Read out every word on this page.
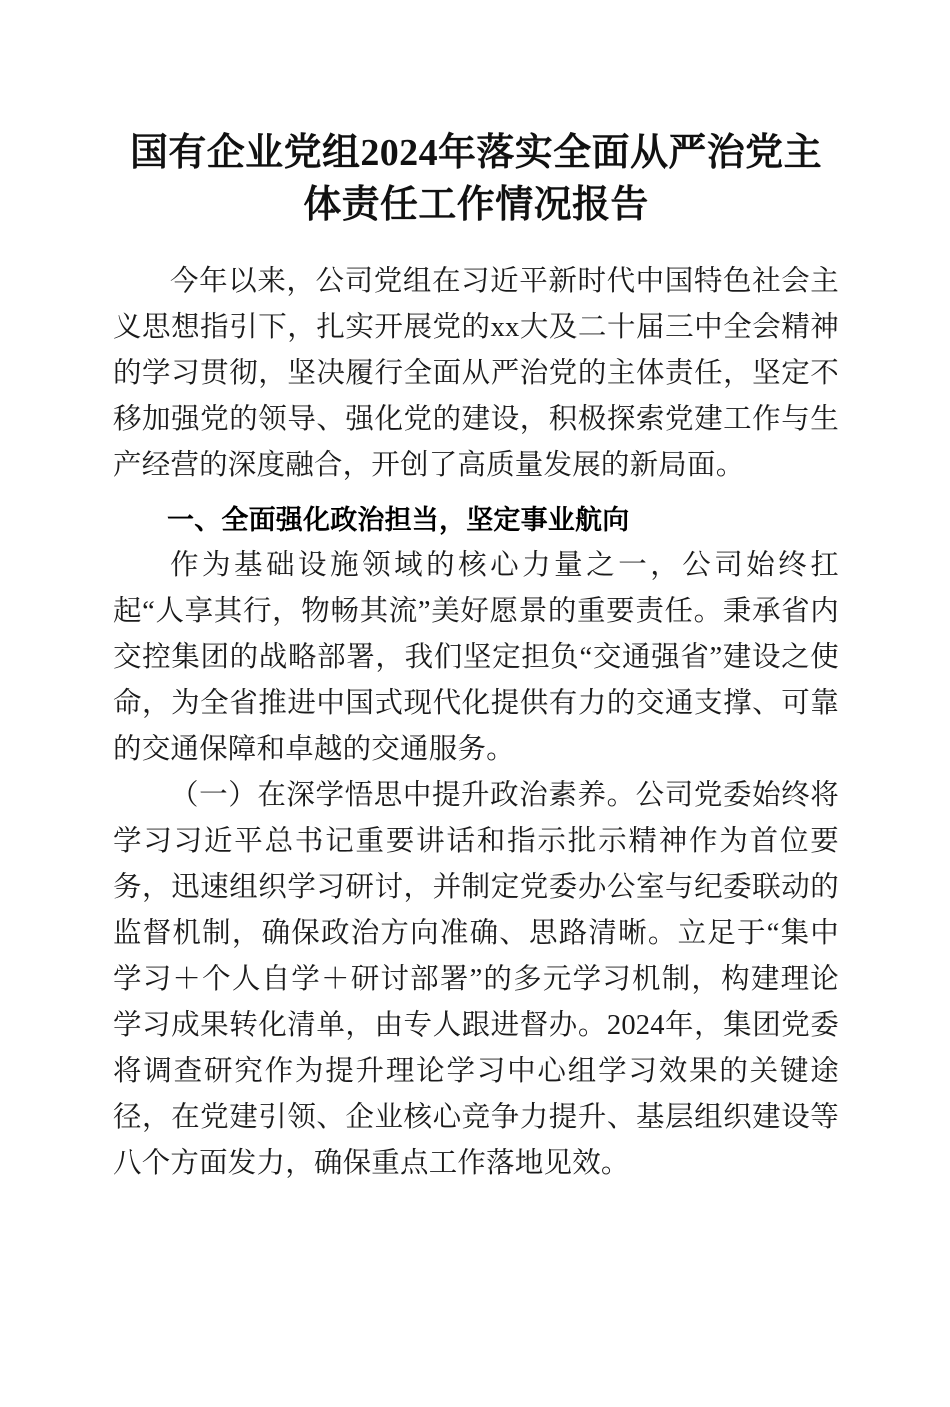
国有企业党组2024年落实全面从严治党主体责任工作情况报告

今年以来，公司党组在习近平新时代中国特色社会主义思想指引下，扎实开展党的xx大及二十届三中全会精神的学习贯彻，坚决履行全面从严治党的主体责任，坚定不移加强党的领导、强化党的建设，积极探索党建工作与生产经营的深度融合，开创了高质量发展的新局面。

一、全面强化政治担当，坚定事业航向

作为基础设施领域的核心力量之一，公司始终扛起“人享其行，物畅其流”美好愿景的重要责任。秉承省内交控集团的战略部署，我们坚定担负“交通强省”建设之使命，为全省推进中国式现代化提供有力的交通支撑、可靠的交通保障和卓越的交通服务。

（一）在深学悟思中提升政治素养。公司党委始终将学习习近平总书记重要讲话和指示批示精神作为首位要务，迅速组织学习研讨，并制定党委办公室与纪委联动的监督机制，确保政治方向准确、思路清晰。立足于“集中学习＋个人自学＋研讨部署”的多元学习机制，构建理论学习成果转化清单，由专人跟进督办。2024年，集团党委将调查研究作为提升理论学习中心组学习效果的关键途径，在党建引领、企业核心竞争力提升、基层组织建设等八个方面发力，确保重点工作落地见效。
